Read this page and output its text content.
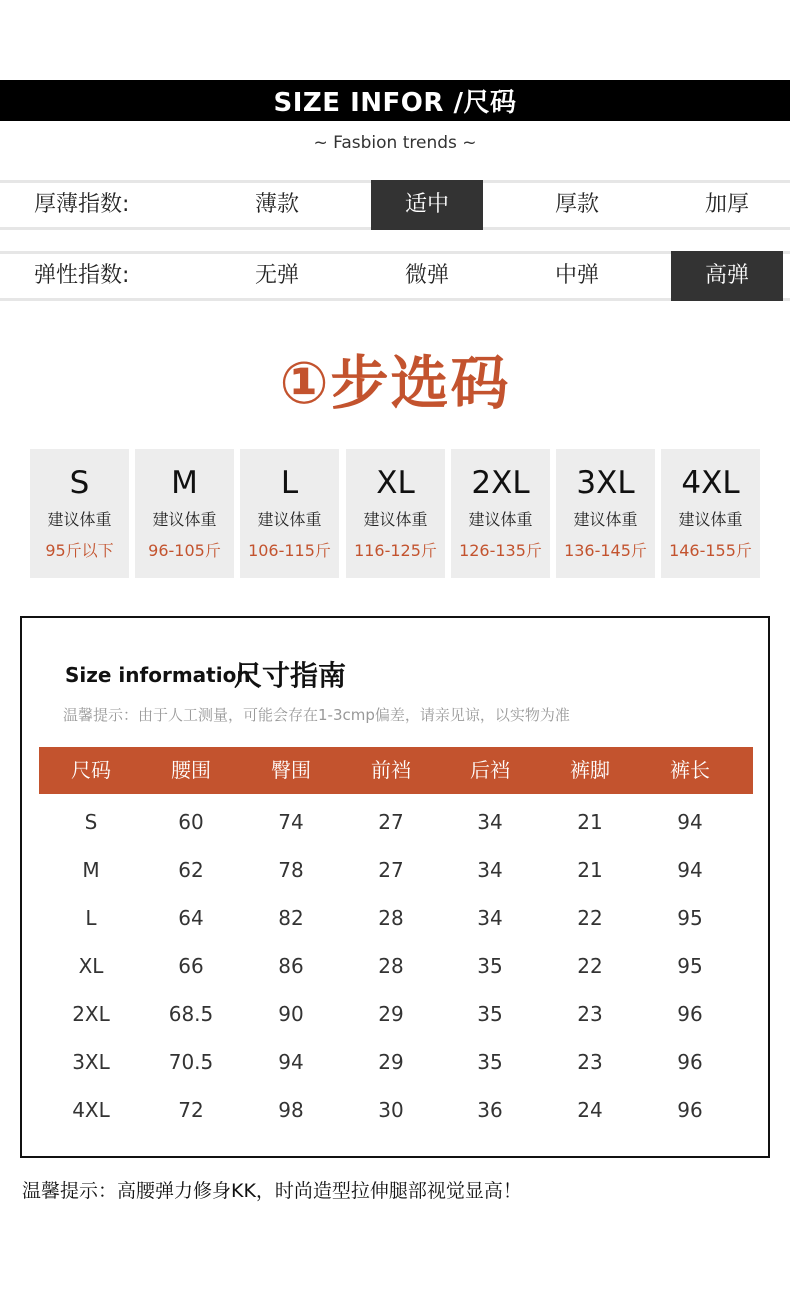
SIZE INFOR /尺码
~ Fasbion trends ~
厚薄指数:	薄款	适中	厚款	加厚
弹性指数:	无弹	微弹	中弹	高弹
①步选码
S
建议体重
95斤以下
M
建议体重
96-105斤
L
建议体重
106-115斤
XL
建议体重
116-125斤
2XL
建议体重
126-135斤
3XL
建议体重
136-145斤
4XL
建议体重
146-155斤
Size information
尺寸指南
温馨提示：由于人工测量，可能会存在1-3cmp偏差，请亲见谅，以实物为准
尺码	腰围	臀围	前裆	后裆	裤脚	裤长
S	60	74	27	34	21	94
M	62	78	27	34	21	94
L	64	82	28	34	22	95
XL	66	86	28	35	22	95
2XL	68.5	90	29	35	23	96
3XL	70.5	94	29	35	23	96
4XL	72	98	30	36	24	96
温馨提示：高腰弹力修身KK，时尚造型拉伸腿部视觉显高！
